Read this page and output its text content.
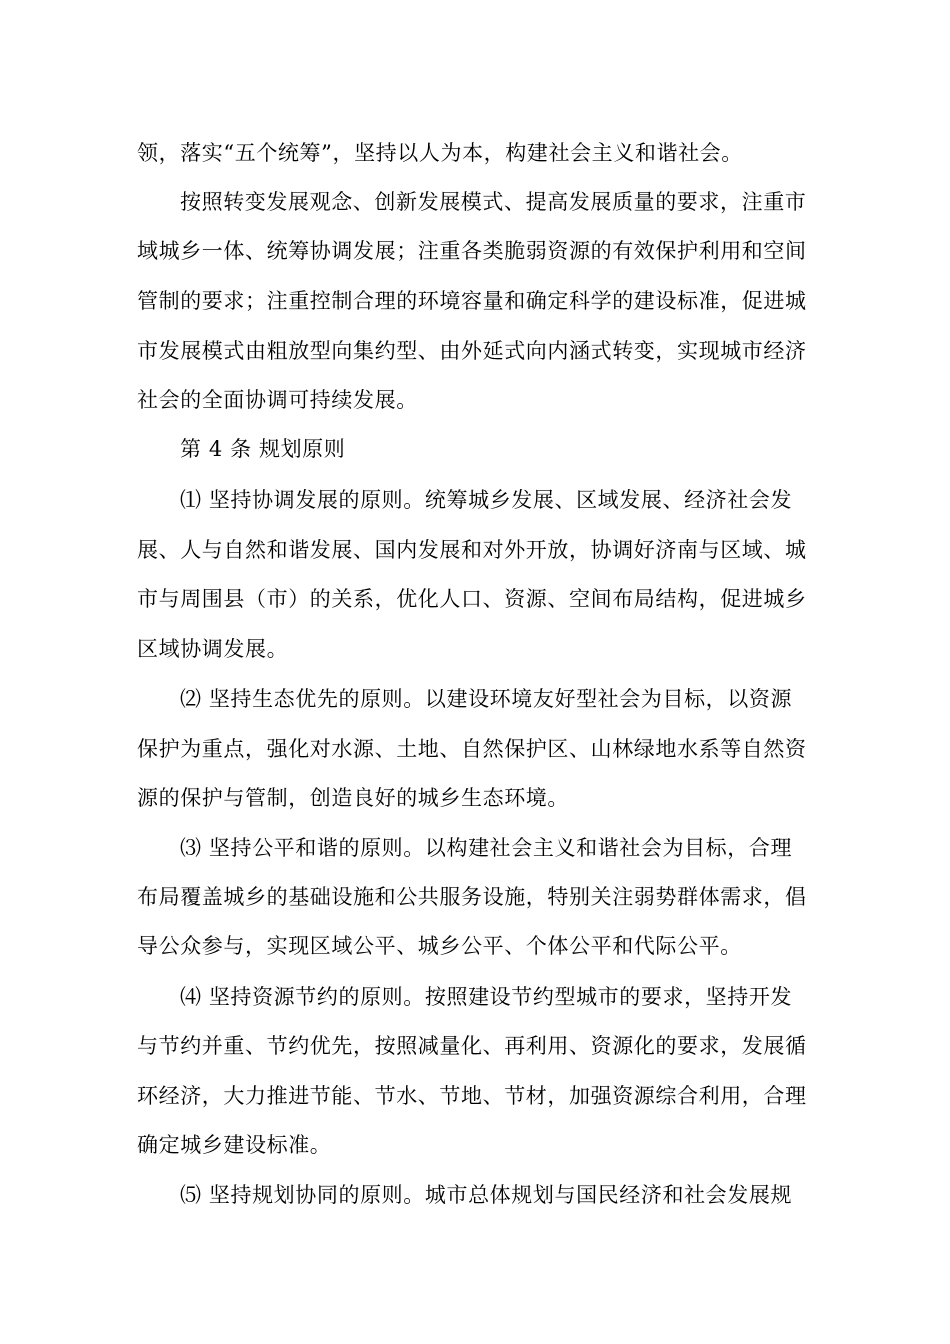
领，落实“五个统筹”，坚持以人为本，构建社会主义和谐社会。
按照转变发展观念、创新发展模式、提高发展质量的要求，注重市
域城乡一体、统筹协调发展；注重各类脆弱资源的有效保护利用和空间
管制的要求；注重控制合理的环境容量和确定科学的建设标准，促进城
市发展模式由粗放型向集约型、由外延式向内涵式转变，实现城市经济
社会的全面协调可持续发展。
第 4 条 规划原则
⑴ 坚持协调发展的原则。统筹城乡发展、区域发展、经济社会发
展、人与自然和谐发展、国内发展和对外开放，协调好济南与区域、城
市与周围县（市）的关系，优化人口、资源、空间布局结构，促进城乡
区域协调发展。
⑵ 坚持生态优先的原则。以建设环境友好型社会为目标，以资源
保护为重点，强化对水源、土地、自然保护区、山林绿地水系等自然资
源的保护与管制，创造良好的城乡生态环境。
⑶ 坚持公平和谐的原则。以构建社会主义和谐社会为目标，合理
布局覆盖城乡的基础设施和公共服务设施，特别关注弱势群体需求，倡
导公众参与，实现区域公平、城乡公平、个体公平和代际公平。
⑷ 坚持资源节约的原则。按照建设节约型城市的要求，坚持开发
与节约并重、节约优先，按照减量化、再利用、资源化的要求，发展循
环经济，大力推进节能、节水、节地、节材，加强资源综合利用，合理
确定城乡建设标准。
⑸ 坚持规划协同的原则。城市总体规划与国民经济和社会发展规
